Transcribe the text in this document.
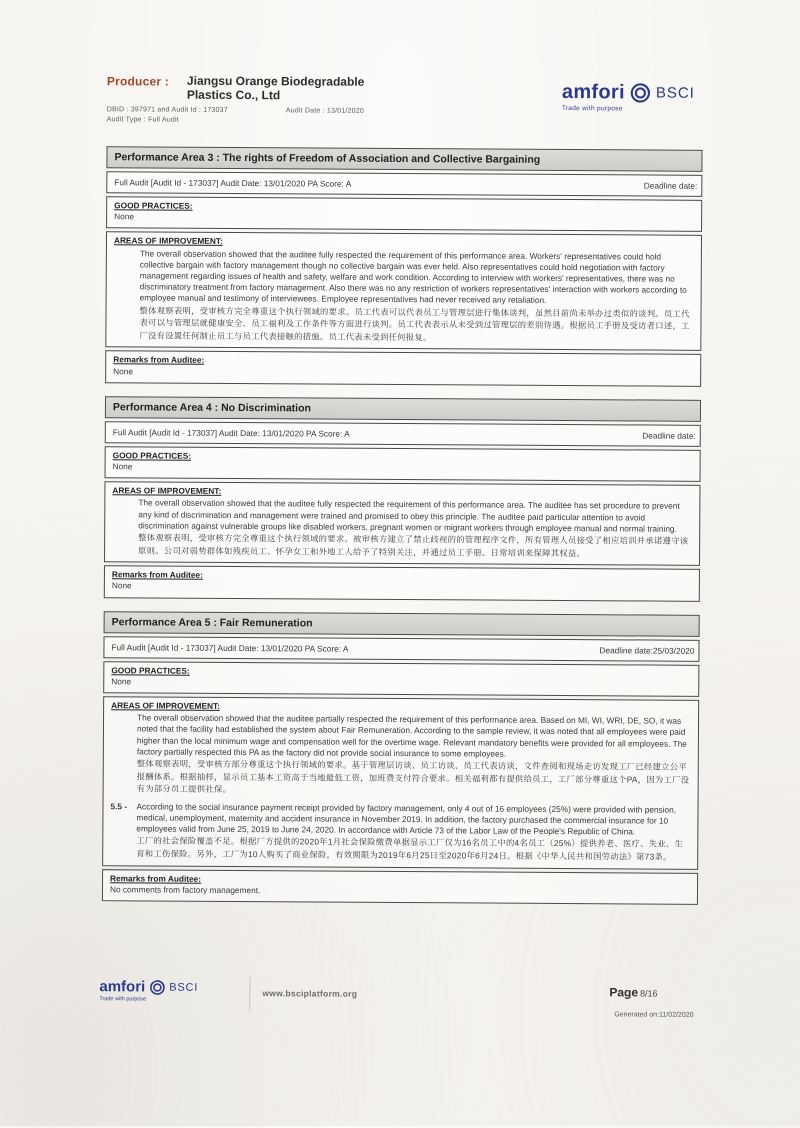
Producer : Jiangsu Orange Biodegradable
Plastics Co., Ltd
DBID : 397971 and Audit Id : 173037	Audit Date : 13/01/2020
Audit Type : Full Audit
amfori BSCI
Trade with purpose
Performance Area 3 : The rights of Freedom of Association and Collective Bargaining
Full Audit [Audit Id - 173037] Audit Date: 13/01/2020 PA Score: A	Deadline date:
GOOD PRACTICES:
None
AREAS OF IMPROVEMENT:
The overall observation showed that the auditee fully respected the requirement of this performance area. Workers' representatives could hold collective bargain with factory management though no collective bargain was ever held. Also representatives could hold negotiation with factory management regarding issues of health and safety, welfare and work condition. According to interview with workers' representatives, there was no discriminatory treatment from factory management. Also there was no any restriction of workers representatives' interaction with workers according to employee manual and testimony of interviewees. Employee representatives had never received any retaliation.
整体观察表明，受审核方完全尊重这个执行领域的要求。员工代表可以代表员工与管理层进行集体谈判，虽然目前尚未举办过类似的谈判。员工代表可以与管理层就健康安全、员工福利及工作条件等方面进行谈判。员工代表表示从未受到过管理层的差别待遇。根据员工手册及受访者口述，工厂没有设置任何制止员工与员工代表接触的措施。员工代表未受到任何报复。
Remarks from Auditee:
None
Performance Area 4 : No Discrimination
Full Audit [Audit Id - 173037] Audit Date: 13/01/2020 PA Score: A	Deadline date:
GOOD PRACTICES:
None
AREAS OF IMPROVEMENT:
The overall observation showed that the auditee fully respected the requirement of this performance area. The auditee has set procedure to prevent any kind of discrimination and management were trained and promised to obey this principle. The auditee paid particular attention to avoid discrimination against vulnerable groups like disabled workers, pregnant women or migrant workers through employee manual and normal training.
整体观察表明，受审核方完全尊重这个执行领域的要求。被审核方建立了禁止歧视的的管理程序文件，所有管理人员接受了相应培训并承诺遵守该原则。公司对弱势群体如残疾员工、怀孕女工和外地工人给予了特别关注，并通过员工手册、日常培训来保障其权益。
Remarks from Auditee:
None
Performance Area 5 : Fair Remuneration
Full Audit [Audit Id - 173037] Audit Date: 13/01/2020 PA Score: A	Deadline date:25/03/2020
GOOD PRACTICES:
None
AREAS OF IMPROVEMENT:
The overall observation showed that the auditee partially respected the requirement of this performance area. Based on MI, WI, WRI, DE, SO, it was noted that the facility had established the system about Fair Remuneration. According to the sample review, it was noted that all employees were paid higher than the local minimum wage and compensation well for the overtime wage. Relevant mandatory benefits were provided for all employees. The factory partially respected this PA as the factory did not provide social insurance to some employees.
整体观察表明，受审核方部分尊重这个执行领域的要求。基于管理层访谈、员工访谈、员工代表访谈，文件查阅和现场走访发现工厂已经建立公平报酬体系。根据抽样，显示员工基本工资高于当地最低工资，加班费支付符合要求。相关福利都有提供给员工，工厂部分尊重这个PA，因为工厂没有为部分员工提供社保。
5.5 -	According to the social insurance payment receipt provided by factory management, only 4 out of 16 employees (25%) were provided with pension, medical, unemployment, maternity and accident insurance in November 2019. In addition, the factory purchased the commercial insurance for 10 employees valid from June 25, 2019 to June 24, 2020. In accordance with Article 73 of the Labor Law of the People's Republic of China.
工厂的社会保险覆盖不足。根据厂方提供的2020年1月社会保险缴费单据显示工厂仅为16名员工中的4名员工（25%）提供养老、医疗、失业、生育和工伤保险。另外，工厂为10人购买了商业保险，有效期限为2019年6月25日至2020年6月24日。根据《中华人民共和国劳动法》第73条。
Remarks from Auditee:
No comments from factory management.
amfori BSCI
Trade with purpose
www.bsciplatform.org	Page 8/16
Generated on:11/02/2020
